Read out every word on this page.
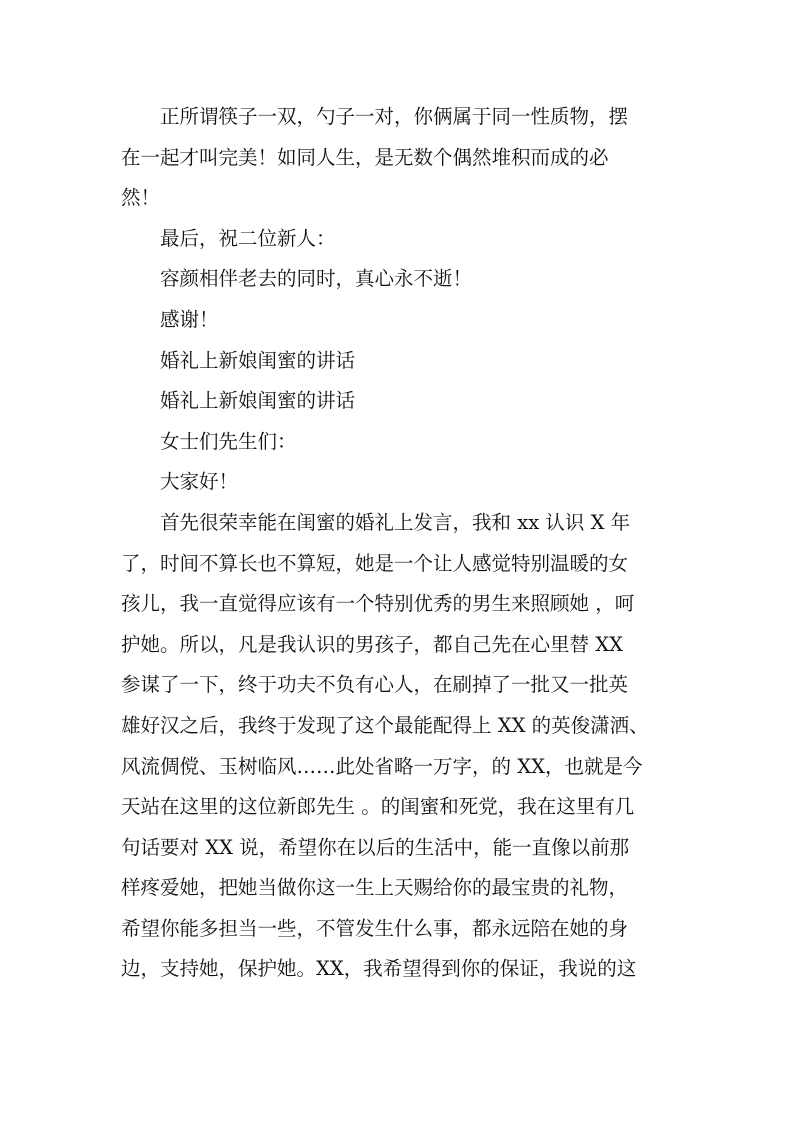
正所谓筷子一双，勺子一对，你俩属于同一性质物，摆
在一起才叫完美！如同人生，是无数个偶然堆积而成的必
然！
最后，祝二位新人：
容颜相伴老去的同时，真心永不逝！
感谢！
婚礼上新娘闺蜜的讲话
婚礼上新娘闺蜜的讲话
女士们先生们：
大家好！
首先很荣幸能在闺蜜的婚礼上发言，我和 xx 认识 X 年
了，时间不算长也不算短，她是一个让人感觉特别温暖的女
孩儿，我一直觉得应该有一个特别优秀的男生来照顾她 ，呵
护她。所以，凡是我认识的男孩子，都自己先在心里替 XX
参谋了一下，终于功夫不负有心人，在刷掉了一批又一批英
雄好汉之后，我终于发现了这个最能配得上 XX 的英俊潇洒、
风流倜傥、玉树临风……此处省略一万字，的 XX，也就是今
天站在这里的这位新郎先生 。的闺蜜和死党，我在这里有几
句话要对 XX 说，希望你在以后的生活中，能一直像以前那
样疼爱她，把她当做你这一生上天赐给你的最宝贵的礼物，
希望你能多担当一些，不管发生什么事，都永远陪在她的身
边，支持她，保护她。XX，我希望得到你的保证，我说的这
